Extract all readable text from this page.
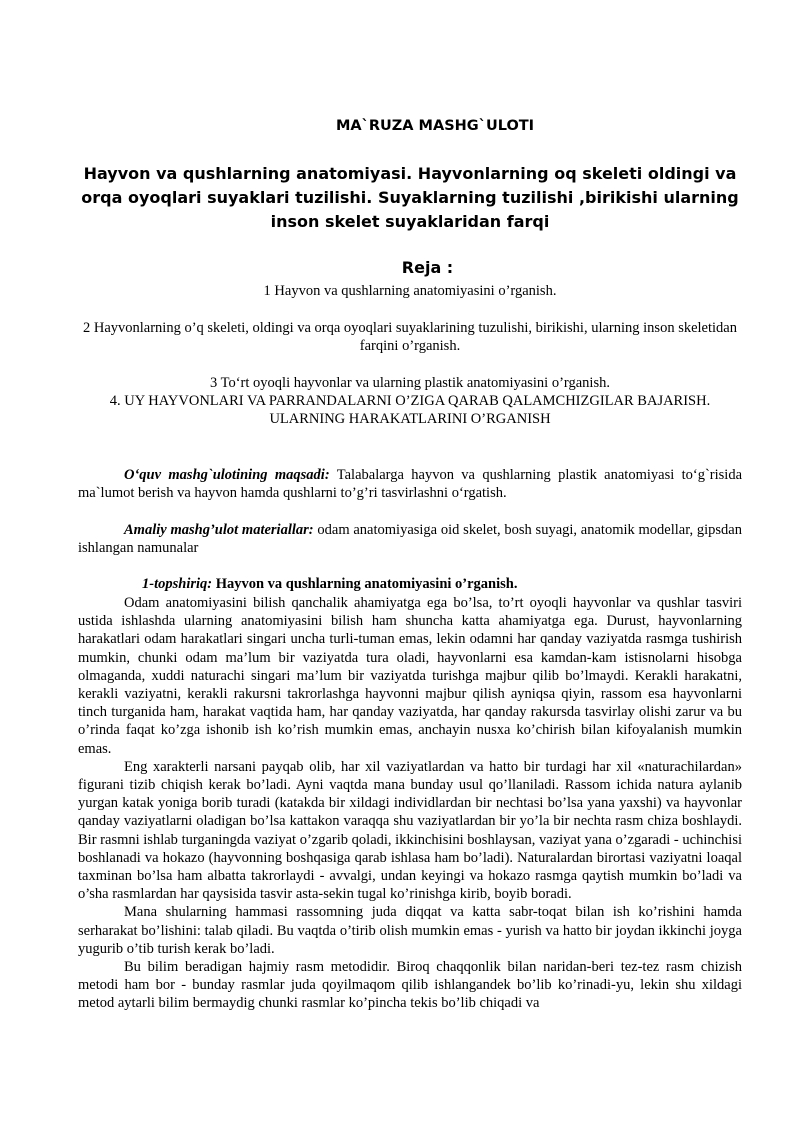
MA`RUZA MASHG`ULOTI
Hayvon va qushlarning anatomiyasi. Hayvonlarning oq skeleti oldingi va orqa oyoqlari suyaklari tuzilishi. Suyaklarning tuzilishi ,birikishi ularning inson skelet suyaklaridan farqi
Reja :
1 Hayvon va qushlarning anatomiyasini o’rganish.
2 Hayvonlarning o’q skeleti, oldingi va orqa oyoqlari suyaklarining tuzulishi, birikishi, ularning inson skeletidan farqini o’rganish.
3 To‘rt oyoqli hayvonlar va ularning plastik anatomiyasini o’rganish.
4. UY HAYVONLARI VA PARRANDALARNI O’ZIGA QARAB QALAMCHIZGILAR BAJARISH. ULARNING HARAKATLARINI O’RGANISH

O‘quv mashg`ulotining maqsadi: Talabalarga hayvon va qushlarning plastik anatomiyasi to‘g`risida ma`lumot berish va hayvon hamda qushlarni to’g’ri tasvirlashni o‘rgatish.

Amaliy mashg’ulot materiallar: odam anatomiyasiga oid skelet, bosh suyagi, anatomik modellar, gipsdan ishlangan namunalar

1-topshiriq: Hayvon va qushlarning anatomiyasini o’rganish.

Odam anatomiyasini bilish qanchalik ahamiyatga ega bo’lsa, to’rt oyoqli hayvonlar va qushlar tasviri ustida ishlashda ularning anatomiyasini bilish ham shuncha katta ahamiyatga ega. Durust, hayvonlarning harakatlari odam harakatlari singari uncha turli-tuman emas, lekin odamni har qanday vaziyatda rasmga tushirish mumkin, chunki odam ma’lum bir vaziyatda tura oladi, hayvonlarni esa kamdan-kam istisnolarni hisobga olmaganda, xuddi naturachi singari ma’lum bir vaziyatda turishga majbur qilib bo’lmaydi. Kerakli harakatni, kerakli vaziyatni, kerakli rakursni takrorlashga hayvonni majbur qilish ayniqsa qiyin, rassom esa hayvonlarni tinch turganida ham, harakat vaqtida ham, har qanday vaziyatda, har qanday rakursda tasvirlay olishi zarur va bu o’rinda faqat ko’zga ishonib ish ko’rish mumkin emas, anchayin nusxa ko’chirish bilan kifoyalanish mumkin emas.

Eng xarakterli narsani payqab olib, har xil vaziyatlardan va hatto bir turdagi har xil «naturachilardan» figurani tizib chiqish kerak bo’ladi. Ayni vaqtda mana bunday usul qo’llaniladi. Rassom ichida natura aylanib yurgan katak yoniga borib turadi (katakda bir xildagi individlardan bir nechtasi bo’lsa yana yaxshi) va hayvonlar qanday vaziyatlarni oladigan bo’lsa kattakon varaqqa shu vaziyatlardan bir yo’la bir nechta rasm chiza boshlaydi. Bir rasmni ishlab turganingda vaziyat o’zgarib qoladi, ikkinchisini boshlaysan, vaziyat yana o’zgaradi - uchinchisi boshlanadi va hokazo (hayvonning boshqasiga qarab ishlasa ham bo’ladi). Naturalardan birortasi vaziyatni loaqal taxminan bo’lsa ham albatta takrorlaydi - avvalgi, undan keyingi va hokazo rasmga qaytish mumkin bo’ladi va o’sha rasmlardan har qaysisida tasvir asta-sekin tugal ko’rinishga kirib, boyib boradi.

Mana shularning hammasi rassomning juda diqqat va katta sabr-toqat bilan ish ko’rishini hamda serharakat bo’lishini: talab qiladi. Bu vaqtda o’tirib olish mumkin emas - yurish va hatto bir joydan ikkinchi joyga yugurib o’tib turish kerak bo’ladi.

Bu bilim beradigan hajmiy rasm metodidir. Biroq chaqqonlik bilan naridan-beri tez-tez rasm chizish metodi ham bor - bunday rasmlar juda qoyilmaqom qilib ishlangandek bo’lib ko’rinadi-yu, lekin shu xildagi metod aytarli bilim bermaydig chunki rasmlar ko’pincha tekis bo’lib chiqadi va
